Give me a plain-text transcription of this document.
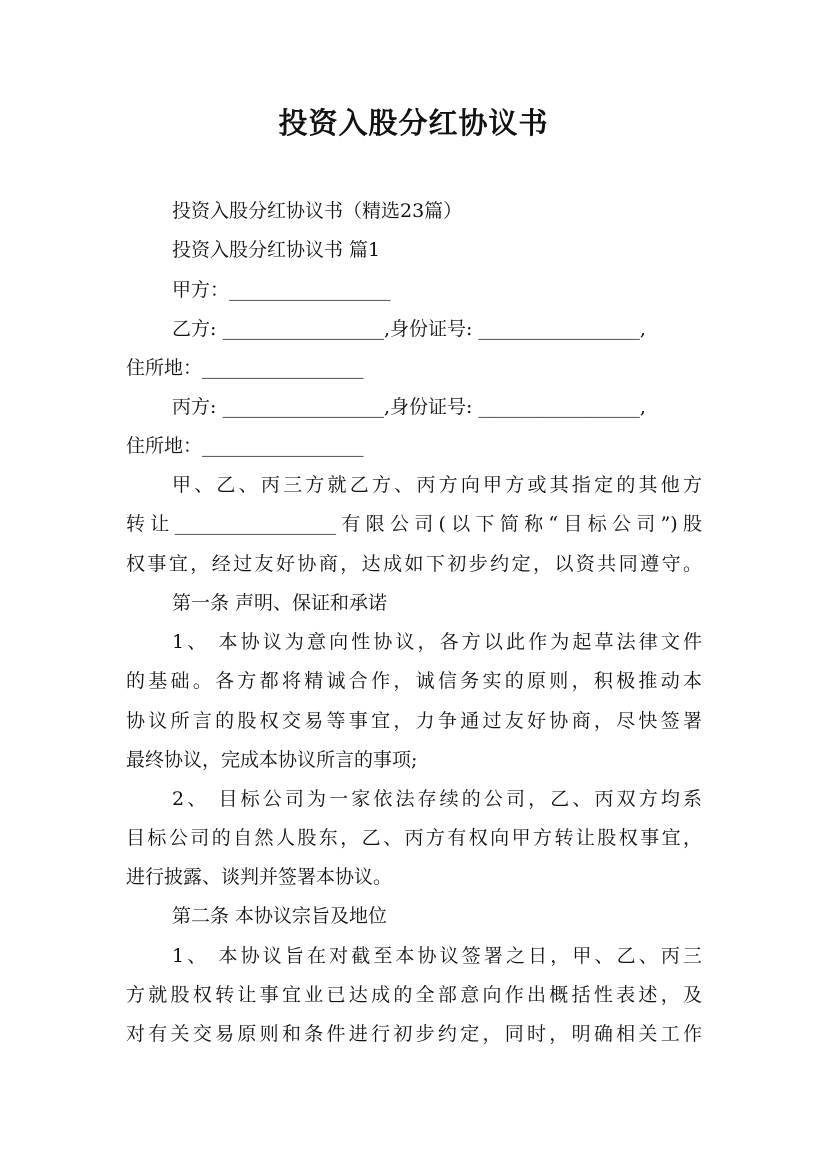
投资入股分红协议书
投资入股分红协议书（精选23篇）
投资入股分红协议书 篇1
甲方：_________________
乙方: _________________,身份证号: _________________,
住所地：_________________
丙方: _________________,身份证号: _________________,
住所地：_________________
甲、乙、丙三方就乙方、丙方向甲方或其指定的其他方
转让_________________有限公司(以下简称“目标公司”)股
权事宜，经过友好协商，达成如下初步约定，以资共同遵守。
第一条 声明、保证和承诺
1、 本协议为意向性协议，各方以此作为起草法律文件
的基础。各方都将精诚合作，诚信务实的原则，积极推动本
协议所言的股权交易等事宜，力争通过友好协商，尽快签署
最终协议，完成本协议所言的事项;
2、 目标公司为一家依法存续的公司，乙、丙双方均系
目标公司的自然人股东，乙、丙方有权向甲方转让股权事宜，
进行披露、谈判并签署本协议。
第二条 本协议宗旨及地位
1、 本协议旨在对截至本协议签署之日，甲、乙、丙三
方就股权转让事宜业已达成的全部意向作出概括性表述，及
对有关交易原则和条件进行初步约定，同时，明确相关工作
